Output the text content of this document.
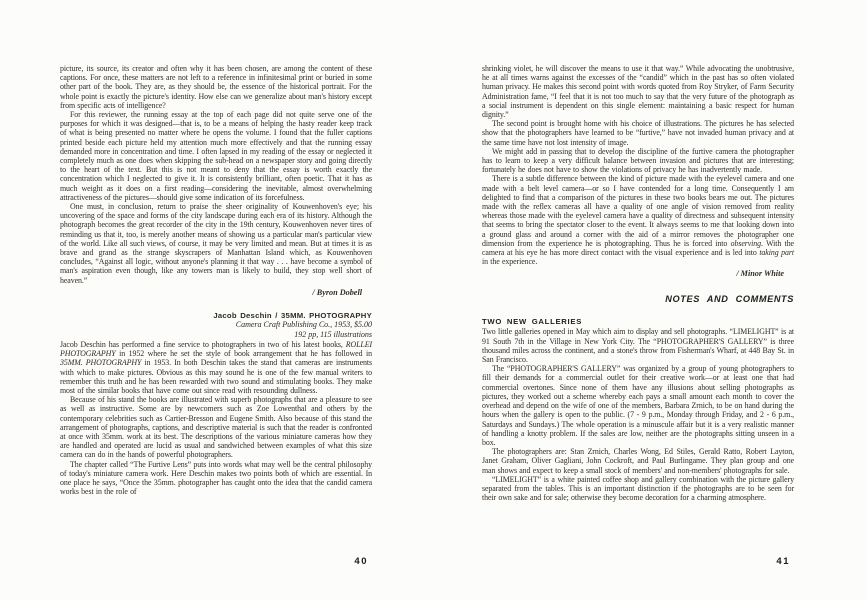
picture, its source, its creator and often why it has been chosen, are among the content of these captions. For once, these matters are not left to a reference in infinitesimal print or buried in some other part of the book. They are, as they should be, the essence of the historical portrait. For the whole point is exactly the picture's identity. How else can we generalize about man's history except from specific acts of intelligence?

For this reviewer, the running essay at the top of each page did not quite serve one of the purposes for which it was designed—that is, to be a means of helping the hasty reader keep track of what is being presented no matter where he opens the volume. I found that the fuller captions printed beside each picture held my attention much more effectively and that the running essay demanded more in concentration and time. I often lapsed in my reading of the essay or neglected it completely much as one does when skipping the sub-head on a newspaper story and going directly to the heart of the text. But this is not meant to deny that the essay is worth exactly the concentration which I neglected to give it. It is consistently brilliant, often poetic. That it has as much weight as it does on a first reading—considering the inevitable, almost overwhelming attractiveness of the pictures—should give some indication of its forcefulness.

One must, in conclusion, return to praise the sheer originality of Kouwenhoven's eye; his uncovering of the space and forms of the city landscape during each era of its history. Although the photograph becomes the great recorder of the city in the 19th century, Kouwenhoven never tires of reminding us that it, too, is merely another means of showing us a particular man's particular view of the world. Like all such views, of course, it may be very limited and mean. But at times it is as brave and grand as the strange skyscrapers of Manhattan Island which, as Kouwenhoven concludes, “Against all logic, without anyone's planning it that way . . . have become a symbol of man's aspiration even though, like any towers man is likely to build, they stop well short of heaven.”

/ Byron Dobell

Jacob Deschin / 35MM. PHOTOGRAPHY
Camera Craft Publishing Co., 1953, $5.00
192 pp, 115 illustrations

Jacob Deschin has performed a fine service to photographers in two of his latest books, ROLLEI PHOTOGRAPHY in 1952 where he set the style of book arrangement that he has followed in 35MM. PHOTOGRAPHY in 1953. In both Deschin takes the stand that cameras are instruments with which to make pictures. Obvious as this may sound he is one of the few manual writers to remember this truth and he has been rewarded with two sound and stimulating books. They make most of the similar books that have come out since read with resounding dullness.

Because of his stand the books are illustrated with superb photographs that are a pleasure to see as well as instructive. Some are by newcomers such as Zoe Lowenthal and others by the contemporary celebrities such as Cartier-Bresson and Eugene Smith. Also because of this stand the arrangement of photographs, captions, and descriptive material is such that the reader is confronted at once with 35mm. work at its best. The descriptions of the various miniature cameras how they are handled and operated are lucid as usual and sandwiched between examples of what this size camera can do in the hands of powerful photographers.

The chapter called “The Furtive Lens” puts into words what may well be the central philosophy of today's miniature camera work. Here Deschin makes two points both of which are essential. In one place he says, “Once the 35mm. photographer has caught onto the idea that the candid camera works best in the role of

40

shrinking violet, he will discover the means to use it that way.” While advocating the unobtrusive, he at all times warns against the excesses of the “candid” which in the past has so often violated human privacy. He makes this second point with words quoted from Roy Stryker, of Farm Security Administration fame, “I feel that it is not too much to say that the very future of the photograph as a social instrument is dependent on this single element: maintaining a basic respect for human dignity.”

The second point is brought home with his choice of illustrations. The pictures he has selected show that the photographers have learned to be “furtive,” have not invaded human privacy and at the same time have not lost intensity of image.

We might add in passing that to develop the discipline of the furtive camera the photographer has to learn to keep a very difficult balance between invasion and pictures that are interesting; fortunately he does not have to show the violations of privacy he has inadvertently made.

There is a subtle difference between the kind of picture made with the eyelevel camera and one made with a belt level camera—or so I have contended for a long time. Consequently I am delighted to find that a comparison of the pictures in these two books bears me out. The pictures made with the reflex cameras all have a quality of one angle of vision removed from reality whereas those made with the eyelevel camera have a quality of directness and subsequent intensity that seems to bring the spectator closer to the event. It always seems to me that looking down into a ground glass and around a corner with the aid of a mirror removes the photographer one dimension from the experience he is photographing. Thus he is forced into observing. With the camera at his eye he has more direct contact with the visual experience and is led into taking part in the experience.

/ Minor White

NOTES AND COMMENTS
TWO NEW GALLERIES

Two little galleries opened in May which aim to display and sell photographs. “LIMELIGHT” is at 91 South 7th in the Village in New York City. The “PHOTOGRAPHER'S GALLERY” is three thousand miles across the continent, and a stone's throw from Fisherman's Wharf, at 448 Bay St. in San Francisco.

The “PHOTOGRAPHER'S GALLERY” was organized by a group of young photographers to fill their demands for a commercial outlet for their creative work—or at least one that had commercial overtones. Since none of them have any illusions about selling photographs as pictures, they worked out a scheme whereby each pays a small amount each month to cover the overhead and depend on the wife of one of the members, Barbara Zrnich, to be on hand during the hours when the gallery is open to the public. (7 - 9 p.m., Monday through Friday, and 2 - 6 p.m., Saturdays and Sundays.) The whole operation is a minuscule affair but it is a very realistic manner of handling a knotty problem. If the sales are low, neither are the photographs sitting unseen in a box.

The photographers are: Stan Zrnich, Charles Wong, Ed Stiles, Gerald Ratto, Robert Layton, Janet Graham, Oliver Gagliani, John Cockroft, and Paul Burlingame. They plan group and one man shows and expect to keep a small stock of members' and non-members' photographs for sale.

“LIMELIGHT” is a white painted coffee shop and gallery combination with the picture gallery separated from the tables. This is an important distinction if the photographs are to be seen for their own sake and for sale; otherwise they become decoration for a charming atmosphere.

41
